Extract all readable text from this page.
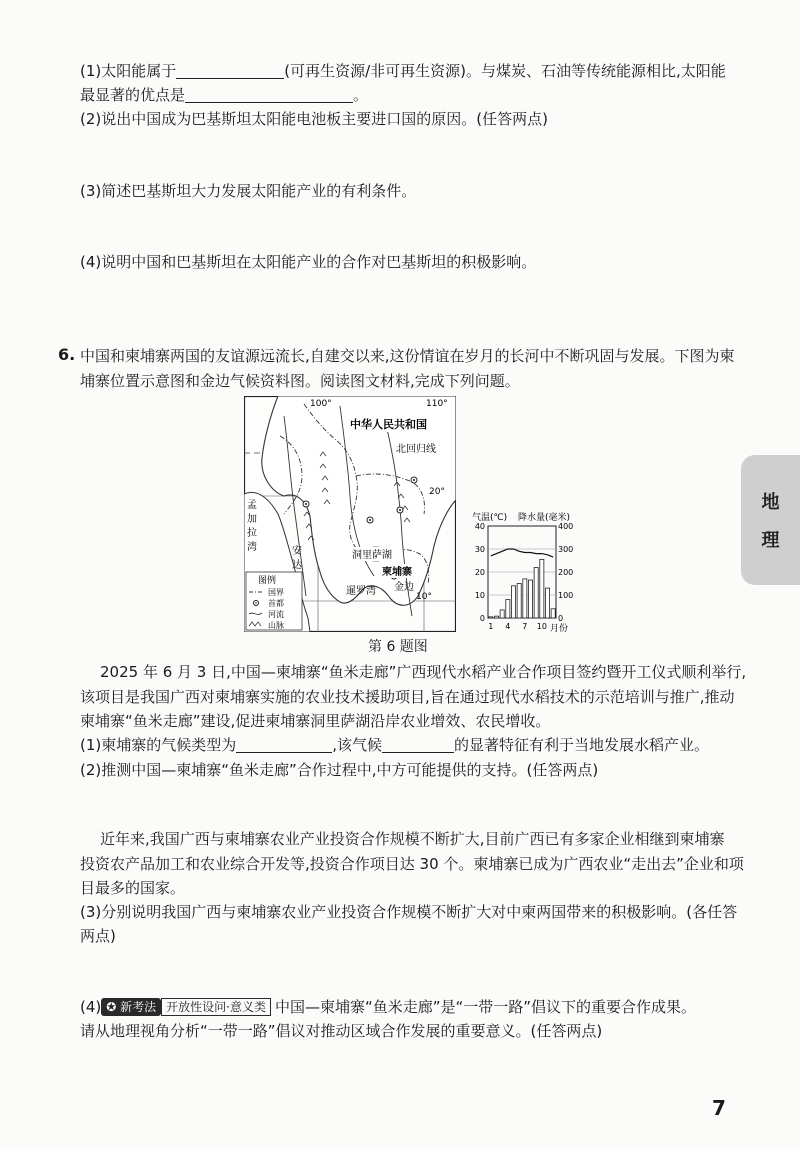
(1)太阳能属于	(可再生资源/非可再生资源)。与煤炭、石油等传统能源相比,太阳能
最显著的优点是	。
(2)说出中国成为巴基斯坦太阳能电池板主要进口国的原因。(任答两点)
(3)简述巴基斯坦大力发展太阳能产业的有利条件。
(4)说明中国和巴基斯坦在太阳能产业的合作对巴基斯坦的积极影响。
6. 中国和柬埔寨两国的友谊源远流长,自建交以来,这份情谊在岁月的长河中不断巩固与发展。下图为柬
埔寨位置示意图和金边气候资料图。阅读图文材料,完成下列问题。
100°	110°
中华人民共和国
北回归线
20°
10°
孟
加
拉
湾	安
达
洞里萨湖
柬埔寨
金边
暹罗湾
图例
国界
首都
河流
山脉
气温(℃) 降水量(毫米)
40	400
30	300
20	200
10	100
0	0
1 4 7 10 月份
第 6 题图
2025 年 6 月 3 日,中国—柬埔寨“鱼米走廊”广西现代水稻产业合作项目签约暨开工仪式顺利举行,
该项目是我国广西对柬埔寨实施的农业技术援助项目,旨在通过现代水稻技术的示范培训与推广,推动
柬埔寨“鱼米走廊”建设,促进柬埔寨洞里萨湖沿岸农业增效、农民增收。
(1)柬埔寨的气候类型为	,该气候	的显著特征有利于当地发展水稻产业。
(2)推测中国—柬埔寨“鱼米走廊”合作过程中,中方可能提供的支持。(任答两点)
近年来,我国广西与柬埔寨农业产业投资合作规模不断扩大,目前广西已有多家企业相继到柬埔寨
投资农产品加工和农业综合开发等,投资合作项目达 30 个。柬埔寨已成为广西农业“走出去”企业和项
目最多的国家。
(3)分别说明我国广西与柬埔寨农业产业投资合作规模不断扩大对中柬两国带来的积极影响。(各任答
两点)
(4) ✪ 新考法 开放性设问·意义类 中国—柬埔寨“鱼米走廊”是“一带一路”倡议下的重要合作成果。
请从地理视角分析“一带一路”倡议对推动区域合作发展的重要意义。(任答两点)
地
理
7
